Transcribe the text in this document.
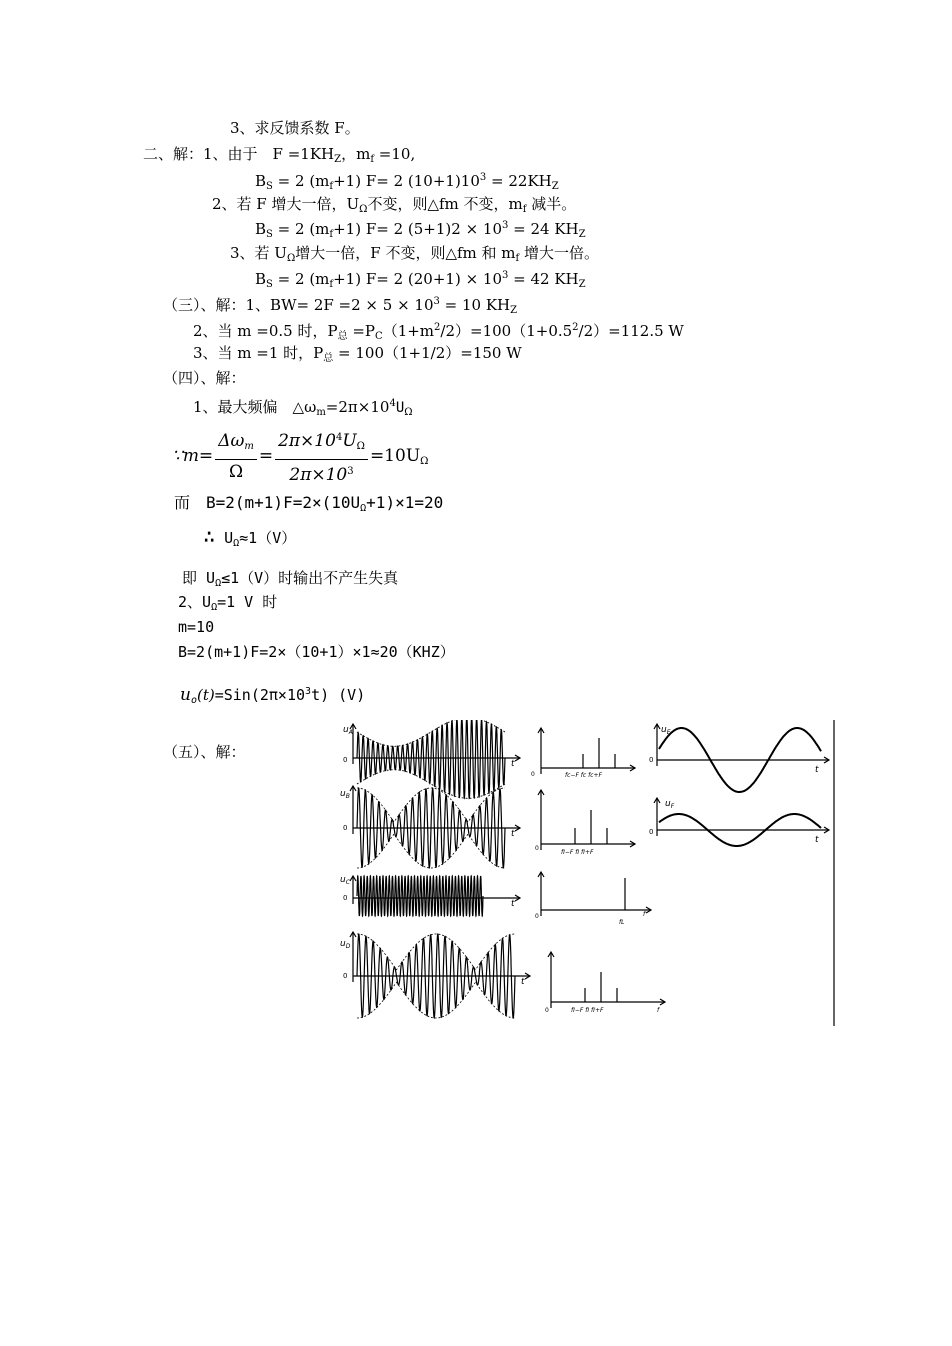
3、求反馈系数 F。
二、解：1、由于　$F =1KH_Z$，$m_f =10$,
$B_S = 2$ $(m_f+1)$ F= 2 $(10+1)10^3 = 22KH_Z$
2、若 F 增大一倍，$U_\Omega$不变，则△fm 不变，$m_f$ 减半。
$B_S = 2$ $(m_f+1)$ F= 2 $(5+1)2 \times 10^3 = 24$ $KH_Z$
3、若 $U_\Omega$增大一倍，F 不变，则△fm 和 $m_f$ 增大一倍。
$B_S = 2$ $(m_f+1)$ F= 2 $(20+1) \times 10^3 = 42$ $KH_Z$
（三）、解：1、$BW= 2F =2 \times 5 \times 10^3 = 10$ $KH_Z$
2、当 m =0.5 时，$P_总 =P_C(1+m^2/2)=100(1+0.5^2/2)=112.5$ W
3、当 m =1 时，$P_总 = 100(1+1/2)=150$ W
（四）、解：
1、最大频偏　$\triangle\omega_m=2\pi\times 10^4U_\Omega$
∵m= $\frac{\Delta\omega_m}{\Omega} = \frac{2\pi\times 10^4U_\Omega}{2\pi\times 10^3} =10U_\Omega$
而　$B=2(m+1)F=2\times(10U_\Omega+1)\times 1=20$
∴ $U_\Omega\approx 1(V)$
即 $U_\Omega\le 1(V)$时输出不产生失真
2、$U_\Omega=1$ V 时
m=10
B=2(m+1)F=2×（10+1）×1≈20（KHZ）
$u_o(t)=Sin(2\pi\times 10^3t)$ (V)
（五）、解：
$u_A$
0	t
$u_B$
0
t
$u_C$
0
t
$u_D$
0
t
0	fc−F fc fc+F
0
fI−F fI fI+F
0
fL
f
0	fI−F fI fI+F	f
$u_E$
0
t
$u_F$
0
t
